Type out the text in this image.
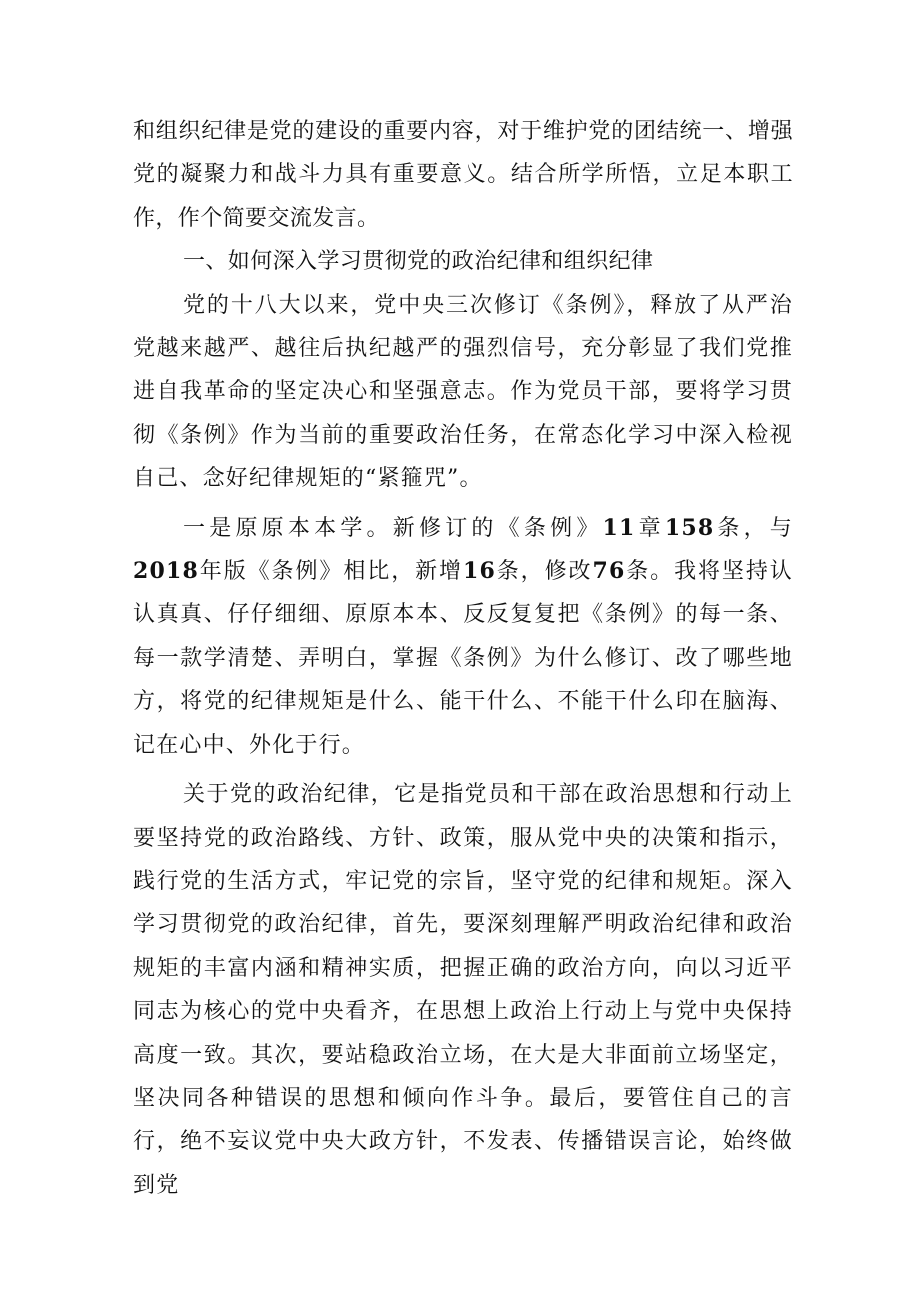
和组织纪律是党的建设的重要内容，对于维护党的团结统一、增强党的凝聚力和战斗力具有重要意义。结合所学所悟，立足本职工作，作个简要交流发言。

一、如何深入学习贯彻党的政治纪律和组织纪律

党的十八大以来，党中央三次修订《条例》，释放了从严治党越来越严、越往后执纪越严的强烈信号，充分彰显了我们党推进自我革命的坚定决心和坚强意志。作为党员干部，要将学习贯彻《条例》作为当前的重要政治任务，在常态化学习中深入检视自己、念好纪律规矩的“紧箍咒”。

一是原原本本学。新修订的《条例》11章158条，与2018年版《条例》相比，新增16条，修改76条。我将坚持认认真真、仔仔细细、原原本本、反反复复把《条例》的每一条、每一款学清楚、弄明白，掌握《条例》为什么修订、改了哪些地方，将党的纪律规矩是什么、能干什么、不能干什么印在脑海、记在心中、外化于行。

关于党的政治纪律，它是指党员和干部在政治思想和行动上要坚持党的政治路线、方针、政策，服从党中央的决策和指示，践行党的生活方式，牢记党的宗旨，坚守党的纪律和规矩。深入学习贯彻党的政治纪律，首先，要深刻理解严明政治纪律和政治规矩的丰富内涵和精神实质，把握正确的政治方向，向以习近平同志为核心的党中央看齐，在思想上政治上行动上与党中央保持高度一致。其次，要站稳政治立场，在大是大非面前立场坚定，坚决同各种错误的思想和倾向作斗争。最后，要管住自己的言行，绝不妄议党中央大政方针，不发表、传播错误言论，始终做到党
